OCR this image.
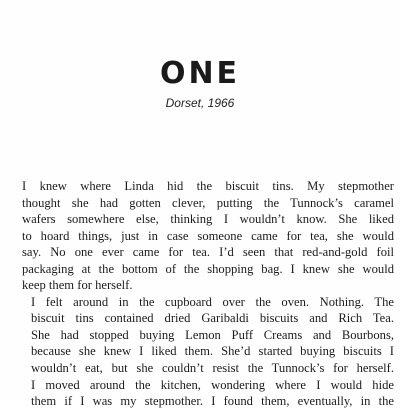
ONE
Dorset, 1966

I knew where Linda hid the biscuit tins. My stepmother
thought she had gotten clever, putting the Tunnock’s caramel
wafers somewhere else, thinking I wouldn’t know. She liked
to hoard things, just in case someone came for tea, she would
say. No one ever came for tea. I’d seen that red-and-gold foil
packaging at the bottom of the shopping bag. I knew she would
keep them for herself.

I felt around in the cupboard over the oven. Nothing. The
biscuit tins contained dried Garibaldi biscuits and Rich Tea.
She had stopped buying Lemon Puff Creams and Bourbons,
because she knew I liked them. She’d started buying biscuits I
wouldn’t eat, but she couldn’t resist the Tunnock’s for herself.

I moved around the kitchen, wondering where I would hide
them if I was my stepmother. I found them, eventually, in the
